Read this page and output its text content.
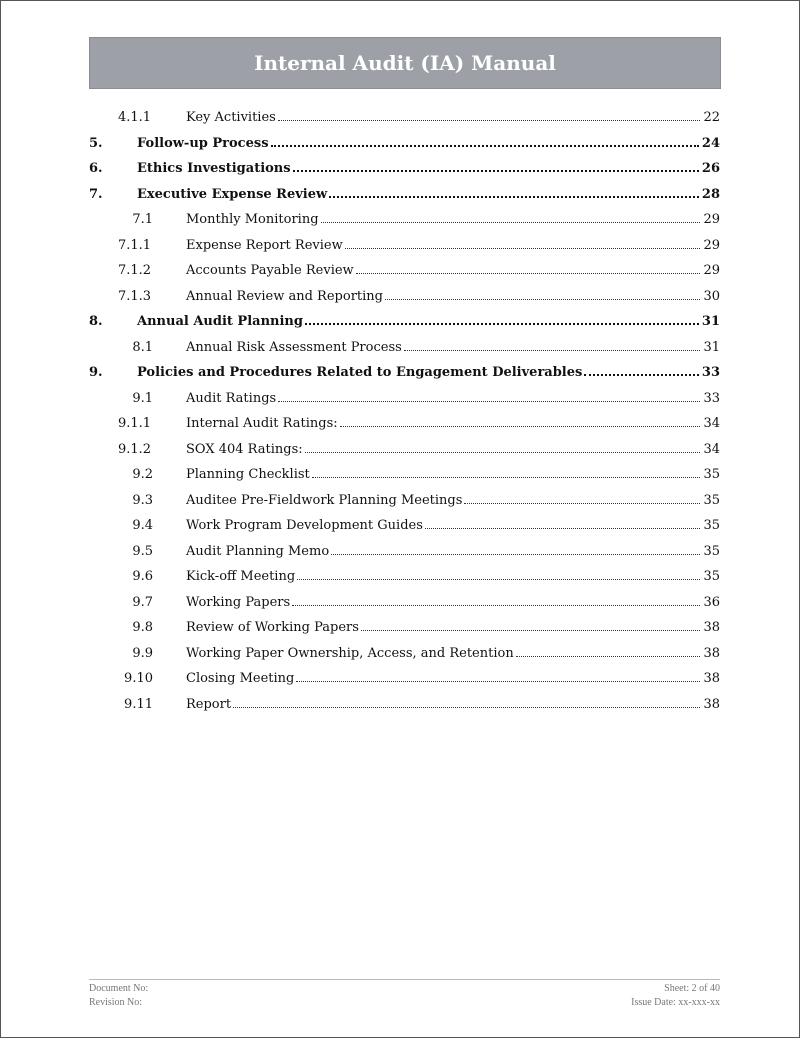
Internal Audit (IA) Manual
4.1.1	Key Activities	22
5.	Follow-up Process	24
6.	Ethics Investigations	26
7.	Executive Expense Review	28
7.1	Monthly Monitoring	29
7.1.1	Expense Report Review	29
7.1.2	Accounts Payable Review	29
7.1.3	Annual Review and Reporting	30
8.	Annual Audit Planning	31
8.1	Annual Risk Assessment Process	31
9.	Policies and Procedures Related to Engagement Deliverables	33
9.1	Audit Ratings	33
9.1.1	Internal Audit Ratings:	34
9.1.2	SOX 404 Ratings:	34
9.2	Planning Checklist	35
9.3	Auditee Pre-Fieldwork Planning Meetings	35
9.4	Work Program Development Guides	35
9.5	Audit Planning Memo	35
9.6	Kick-off Meeting	35
9.7	Working Papers	36
9.8	Review of Working Papers	38
9.9	Working Paper Ownership, Access, and Retention	38
9.10	Closing Meeting	38
9.11	Report	38
Document No:
Revision No:
Sheet: 2 of 40
Issue Date: xx-xxx-xx
